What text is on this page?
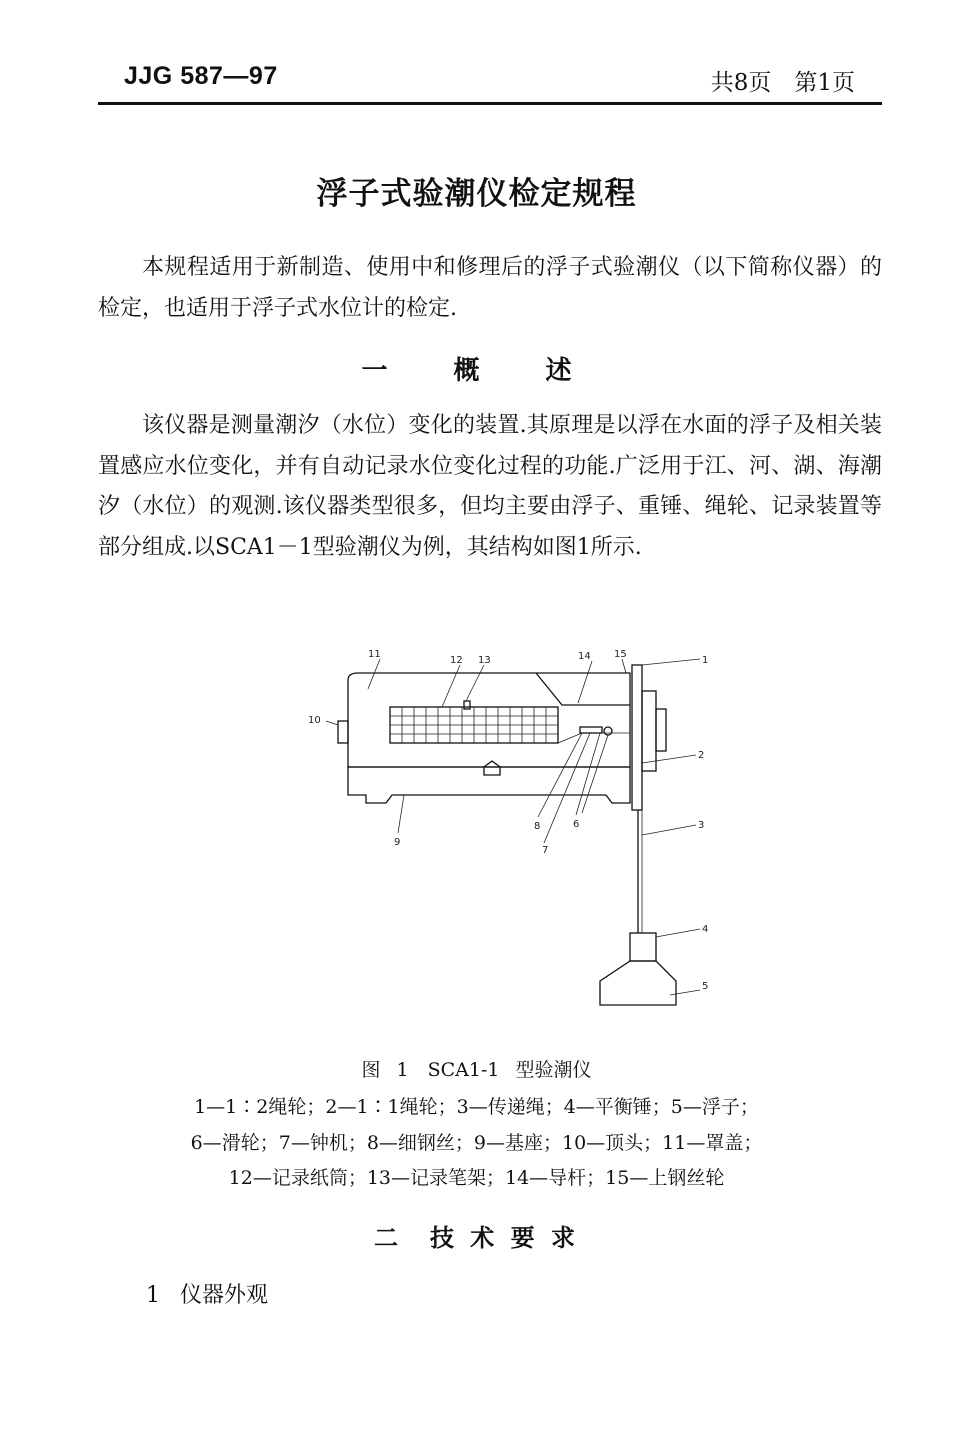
JJG 587—97	共8页　第1页
浮子式验潮仪检定规程

本规程适用于新制造、使用中和修理后的浮子式验潮仪（以下简称仪器）的检定，也适用于浮子式水位计的检定.

一　概　述

该仪器是测量潮汐（水位）变化的装置.其原理是以浮在水面的浮子及相关装置感应水位变化，并有自动记录水位变化过程的功能.广泛用于江、河、湖、海潮汐（水位）的观测.该仪器类型很多，但均主要由浮子、重锤、绳轮、记录装置等部分组成.以SCA1－1型验潮仪为例，其结构如图1所示.

1
2
3
4
5
6
7
8
9
10
11
12 13	14 15
图 1　SCA1-1 型验潮仪
1—1∶2绳轮；2—1∶1绳轮；3—传递绳；4—平衡锤；5—浮子；
6—滑轮；7—钟机；8—细钢丝；9—基座；10—顶头；11—罩盖；
12—记录纸筒；13—记录笔架；14—导杆；15—上钢丝轮
二　技 术 要 求
1 仪器外观
